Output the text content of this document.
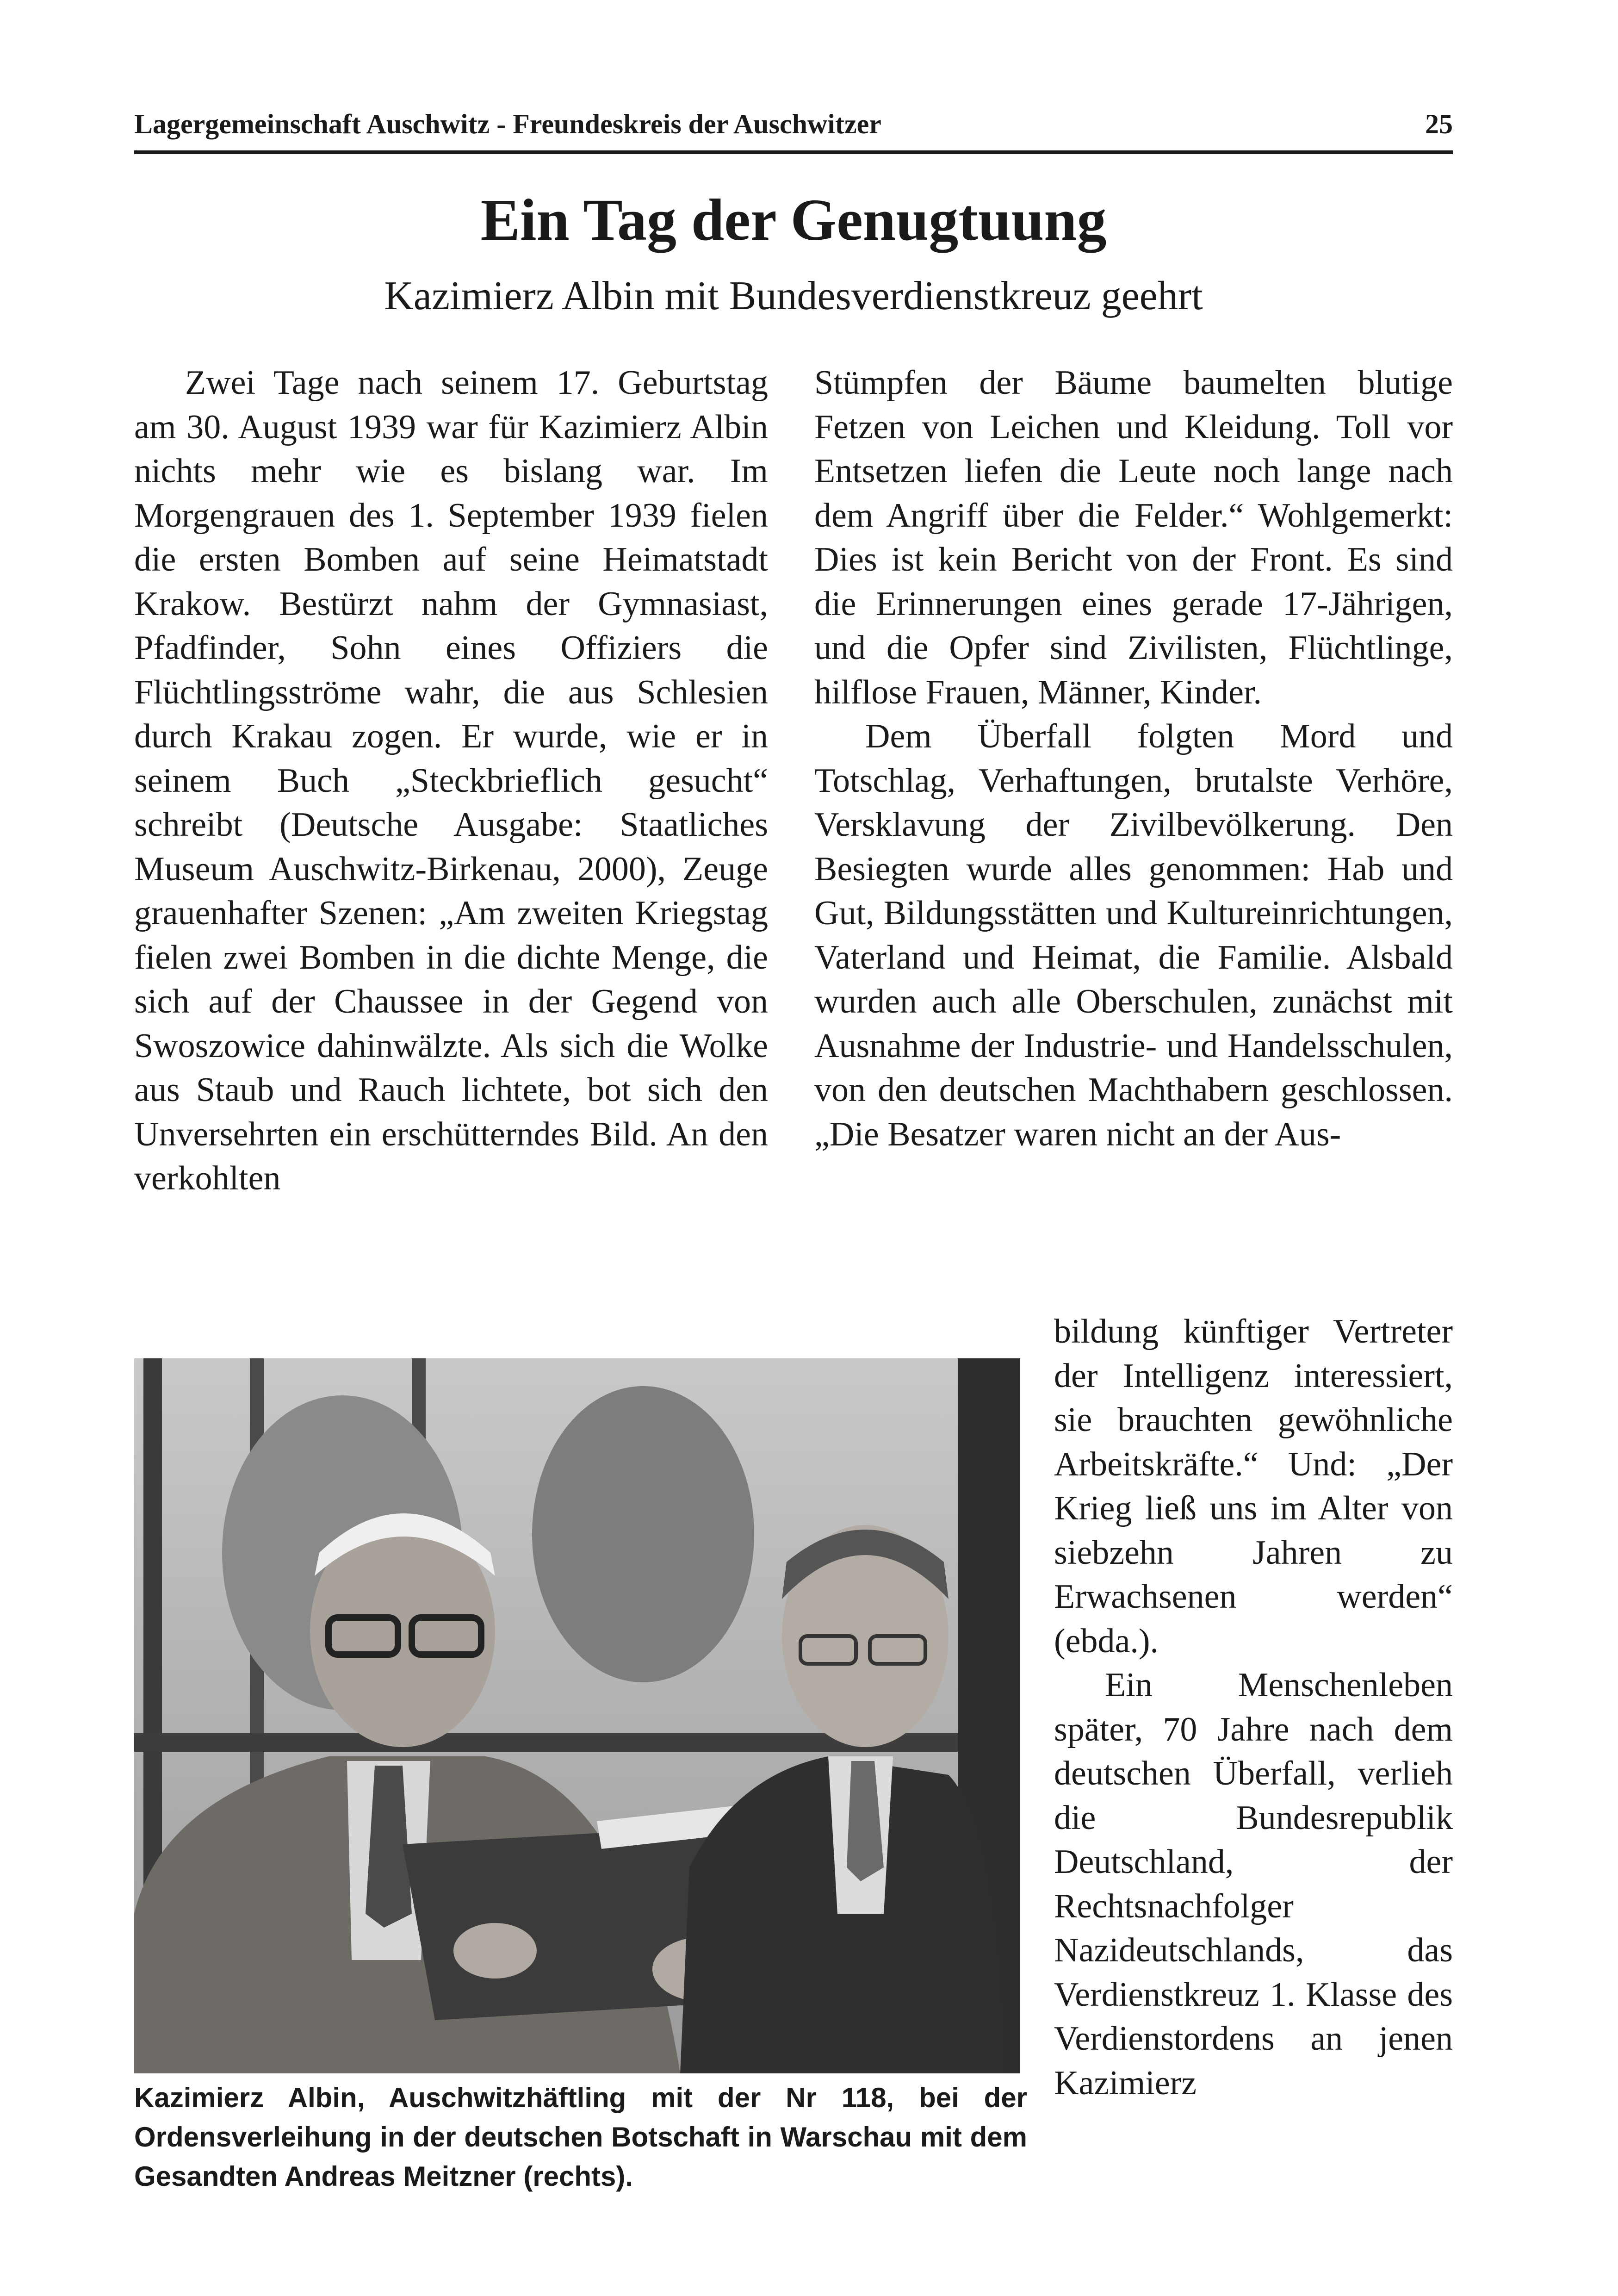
Lagergemeinschaft Auschwitz - Freundeskreis der Auschwitzer	25
Ein Tag der Genugtuung
Kazimierz Albin mit Bundesverdienstkreuz geehrt

Zwei Tage nach seinem 17. Geburtstag am 30. August 1939 war für Kazimierz Albin nichts mehr wie es bislang war. Im Morgengrauen des 1. September 1939 fielen die ersten Bomben auf seine Heimatstadt Krakow. Bestürzt nahm der Gymnasiast, Pfadfinder, Sohn eines Offiziers die Flüchtlingsströme wahr, die aus Schlesien durch Krakau zogen. Er wurde, wie er in seinem Buch „Steckbrieflich gesucht“ schreibt (Deutsche Ausgabe: Staatliches Museum Auschwitz-Birkenau, 2000), Zeuge grauenhafter Szenen: „Am zweiten Kriegstag fielen zwei Bomben in die dichte Menge, die sich auf der Chaussee in der Gegend von Swoszowice dahinwälzte. Als sich die Wolke aus Staub und Rauch lichtete, bot sich den Unversehrten ein erschütterndes Bild. An den verkohlten

Stümpfen der Bäume baumelten blutige Fetzen von Leichen und Kleidung. Toll vor Entsetzen liefen die Leute noch lange nach dem Angriff über die Felder.“ Wohlgemerkt: Dies ist kein Bericht von der Front. Es sind die Erinnerungen eines gerade 17-Jährigen, und die Opfer sind Zivilisten, Flüchtlinge, hilflose Frauen, Männer, Kinder.

Dem Überfall folgten Mord und Totschlag, Verhaftungen, brutalste Verhöre, Versklavung der Zivilbevölkerung. Den Besiegten wurde alles genommen: Hab und Gut, Bildungsstätten und Kultureinrichtungen, Vaterland und Heimat, die Familie. Alsbald wurden auch alle Oberschulen, zunächst mit Ausnahme der Industrie- und Handelsschulen, von den deutschen Machthabern geschlossen. „Die Besatzer waren nicht an der Aus-

bildung künftiger Vertreter der Intelligenz interessiert, sie brauchten gewöhnliche Arbeitskräfte.“ Und: „Der Krieg ließ uns im Alter von siebzehn Jahren zu Erwachsenen werden“ (ebda.).

Ein Menschenleben später, 70 Jahre nach dem deutschen Überfall, verlieh die Bundesrepublik Deutschland, der Rechtsnachfolger Nazideutschlands, das Verdienstkreuz 1. Klasse des Verdienstordens an jenen Kazimierz

Kazimierz Albin, Auschwitzhäftling mit der Nr 118, bei der Ordensverleihung in der deutschen Botschaft in Warschau mit dem Gesandten Andreas Meitzner (rechts).
